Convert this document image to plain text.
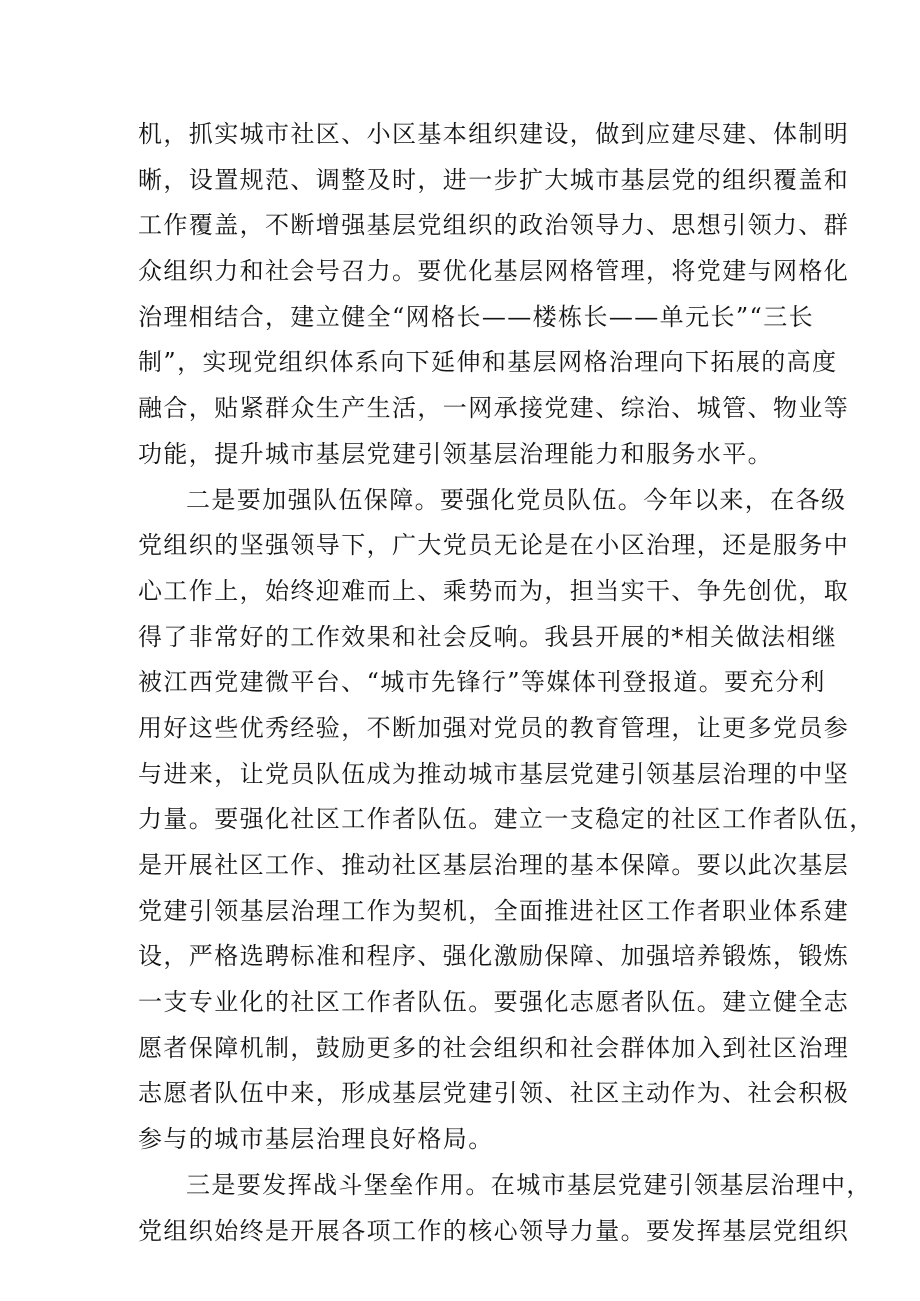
机，抓实城市社区、小区基本组织建设，做到应建尽建、体制明
晰，设置规范、调整及时，进一步扩大城市基层党的组织覆盖和
工作覆盖，不断增强基层党组织的政治领导力、思想引领力、群
众组织力和社会号召力。要优化基层网格管理，将党建与网格化
治理相结合，建立健全“网格长——楼栋长——单元长”“三长
制”，实现党组织体系向下延伸和基层网格治理向下拓展的高度
融合，贴紧群众生产生活，一网承接党建、综治、城管、物业等
功能，提升城市基层党建引领基层治理能力和服务水平。
二是要加强队伍保障。要强化党员队伍。今年以来，在各级
党组织的坚强领导下，广大党员无论是在小区治理，还是服务中
心工作上，始终迎难而上、乘势而为，担当实干、争先创优，取
得了非常好的工作效果和社会反响。我县开展的*相关做法相继
被江西党建微平台、“城市先锋行”等媒体刊登报道。要充分利
用好这些优秀经验，不断加强对党员的教育管理，让更多党员参
与进来，让党员队伍成为推动城市基层党建引领基层治理的中坚
力量。要强化社区工作者队伍。建立一支稳定的社区工作者队伍，
是开展社区工作、推动社区基层治理的基本保障。要以此次基层
党建引领基层治理工作为契机，全面推进社区工作者职业体系建
设，严格选聘标准和程序、强化激励保障、加强培养锻炼，锻炼
一支专业化的社区工作者队伍。要强化志愿者队伍。建立健全志
愿者保障机制，鼓励更多的社会组织和社会群体加入到社区治理
志愿者队伍中来，形成基层党建引领、社区主动作为、社会积极
参与的城市基层治理良好格局。
三是要发挥战斗堡垒作用。在城市基层党建引领基层治理中，
党组织始终是开展各项工作的核心领导力量。要发挥基层党组织
